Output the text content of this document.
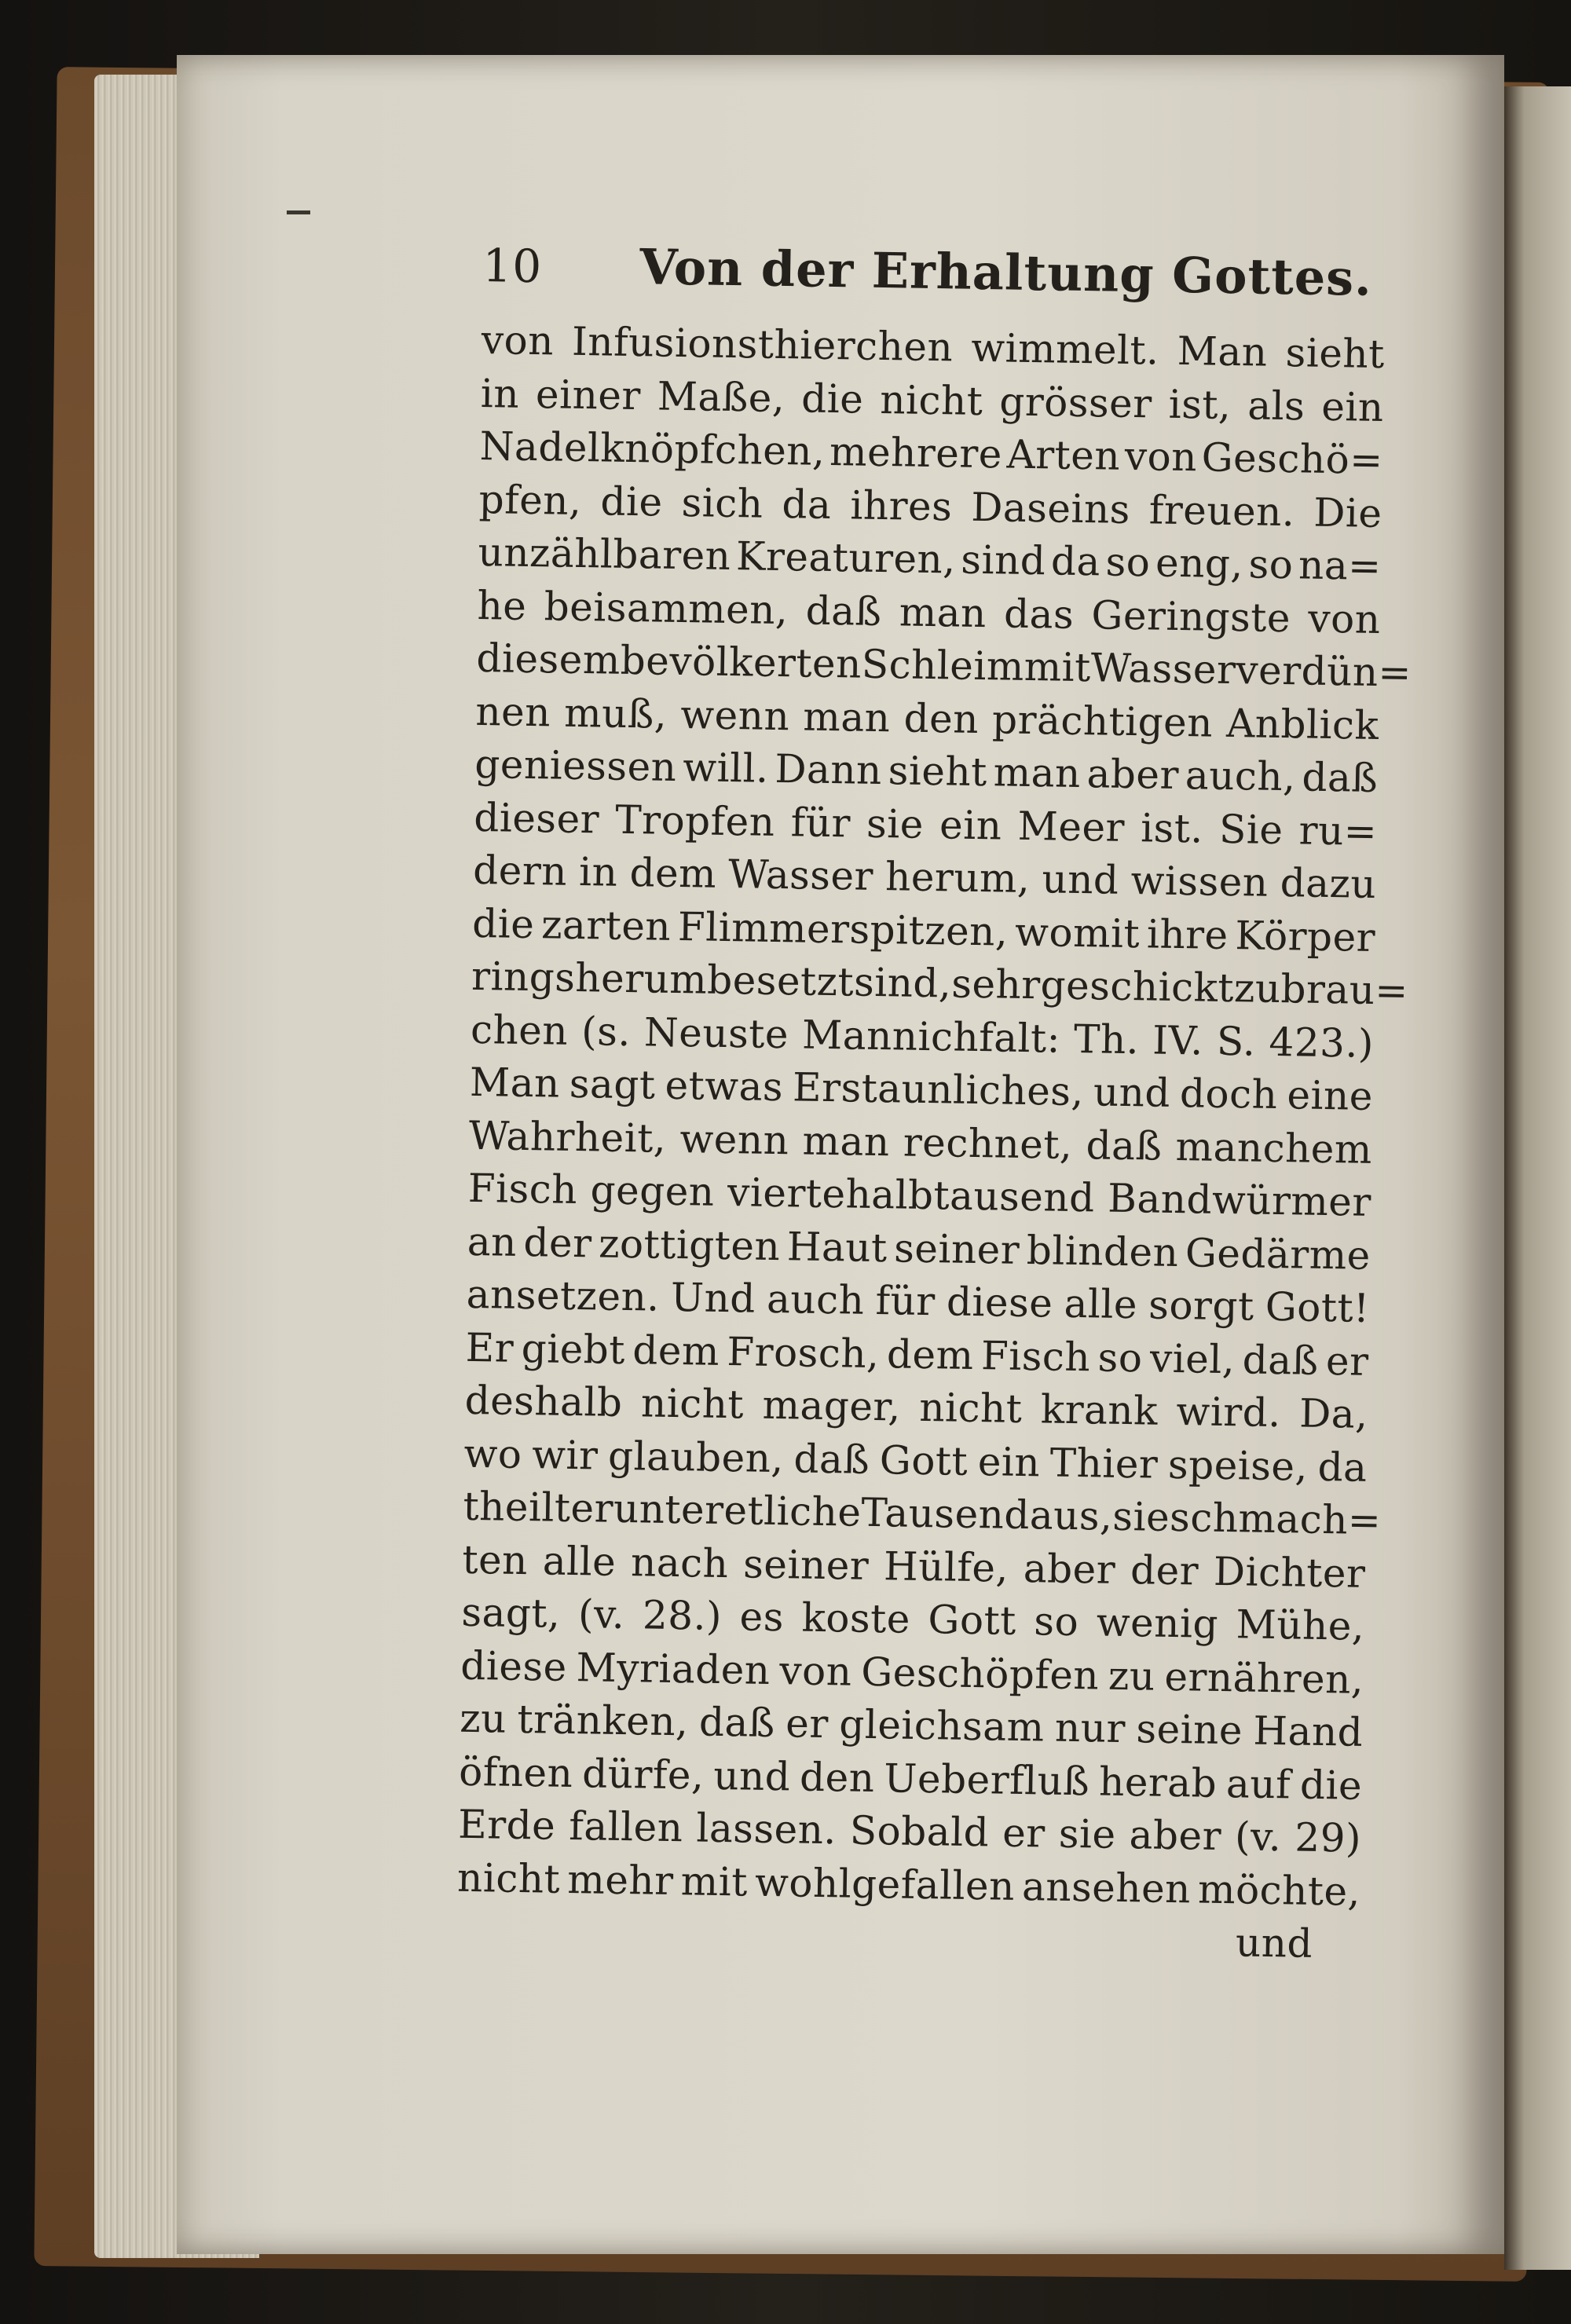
10	Von der Erhaltung Gottes.
von Infusionsthierchen wimmelt. Man sieht
in einer Maße, die nicht grösser ist, als ein
Nadelknöpfchen, mehrere Arten von Geschö=
pfen, die sich da ihres Daseins freuen. Die
unzählbaren Kreaturen, sind da so eng, so na=
he beisammen, daß man das Geringste von
diesem bevölkerten Schleim mit Wasser verdün=
nen muß, wenn man den prächtigen Anblick
geniessen will. Dann sieht man aber auch, daß
dieser Tropfen für sie ein Meer ist. Sie ru=
dern in dem Wasser herum, und wissen dazu
die zarten Flimmerspitzen, womit ihre Körper
rings herum besetzt sind, sehr geschickt zu brau=
chen (s. Neuste Mannichfalt: Th. IV. S. 423.)
Man sagt etwas Erstaunliches, und doch eine
Wahrheit, wenn man rechnet, daß manchem
Fisch gegen viertehalbtausend Bandwürmer
an der zottigten Haut seiner blinden Gedärme
ansetzen. Und auch für diese alle sorgt Gott!
Er giebt dem Frosch, dem Fisch so viel, daß er
deshalb nicht mager, nicht krank wird. Da,
wo wir glauben, daß Gott ein Thier speise, da
theilt er unter etliche Tausend aus, sie schmach=
ten alle nach seiner Hülfe, aber der Dichter
sagt, (v. 28.) es koste Gott so wenig Mühe,
diese Myriaden von Geschöpfen zu ernähren,
zu tränken, daß er gleichsam nur seine Hand
öfnen dürfe, und den Ueberfluß herab auf die
Erde fallen lassen. Sobald er sie aber (v. 29)
nicht mehr mit wohlgefallen ansehen möchte,
und
